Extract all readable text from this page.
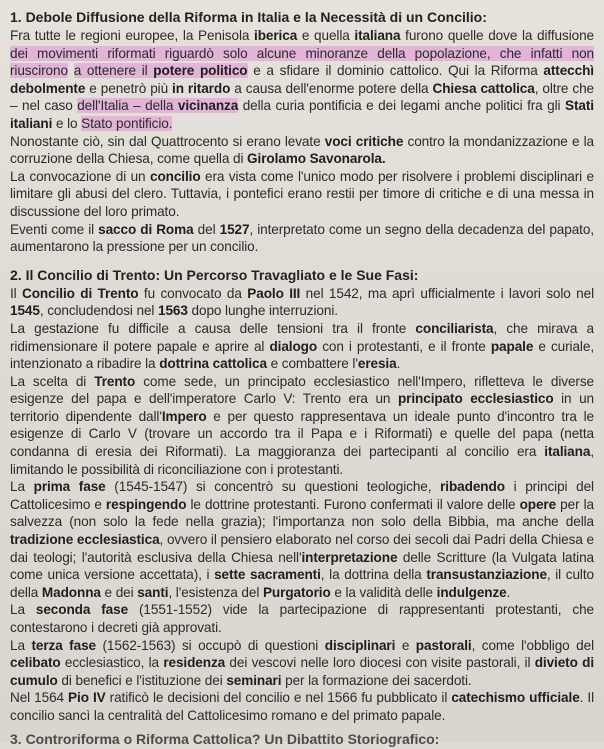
1. Debole Diffusione della Riforma in Italia e la Necessità di un Concilio:

Fra tutte le regioni europee, la Penisola iberica e quella italiana furono quelle dove la diffusione dei movimenti riformati riguardò solo alcune minoranze della popolazione, che infatti non riuscirono a ottenere il potere politico e a sfidare il dominio cattolico. Qui la Riforma attecchì debolmente e penetrò più in ritardo a causa dell'enorme potere della Chiesa cattolica, oltre che – nel caso dell'Italia – della vicinanza della curia pontificia e dei legami anche politici fra gli Stati italiani e lo Stato pontificio.

Nonostante ciò, sin dal Quattrocento si erano levate voci critiche contro la mondanizzazione e la corruzione della Chiesa, come quella di Girolamo Savonarola.

La convocazione di un concilio era vista come l'unico modo per risolvere i problemi disciplinari e limitare gli abusi del clero. Tuttavia, i pontefici erano restii per timore di critiche e di una messa in discussione del loro primato.

Eventi come il sacco di Roma del 1527, interpretato come un segno della decadenza del papato, aumentarono la pressione per un concilio.

2. Il Concilio di Trento: Un Percorso Travagliato e le Sue Fasi:

Il Concilio di Trento fu convocato da Paolo III nel 1542, ma aprì ufficialmente i lavori solo nel 1545, concludendosi nel 1563 dopo lunghe interruzioni.

La gestazione fu difficile a causa delle tensioni tra il fronte conciliarista, che mirava a ridimensionare il potere papale e aprire al dialogo con i protestanti, e il fronte papale e curiale, intenzionato a ribadire la dottrina cattolica e combattere l'eresia.

La scelta di Trento come sede, un principato ecclesiastico nell'Impero, rifletteva le diverse esigenze del papa e dell'imperatore Carlo V: Trento era un principato ecclesiastico in un territorio dipendente dall'Impero e per questo rappresentava un ideale punto d'incontro tra le esigenze di Carlo V (trovare un accordo tra il Papa e i Riformati) e quelle del papa (netta condanna di eresia dei Riformati). La maggioranza dei partecipanti al concilio era italiana, limitando le possibilità di riconciliazione con i protestanti.

La prima fase (1545-1547) si concentrò su questioni teologiche, ribadendo i principi del Cattolicesimo e respingendo le dottrine protestanti. Furono confermati il valore delle opere per la salvezza (non solo la fede nella grazia); l'importanza non solo della Bibbia, ma anche della tradizione ecclesiastica, ovvero il pensiero elaborato nel corso dei secoli dai Padri della Chiesa e dai teologi; l'autorità esclusiva della Chiesa nell'interpretazione delle Scritture (la Vulgata latina come unica versione accettata), i sette sacramenti, la dottrina della transustanziazione, il culto della Madonna e dei santi, l'esistenza del Purgatorio e la validità delle indulgenze.

La seconda fase (1551-1552) vide la partecipazione di rappresentanti protestanti, che contestarono i decreti già approvati.

La terza fase (1562-1563) si occupò di questioni disciplinari e pastorali, come l'obbligo del celibato ecclesiastico, la residenza dei vescovi nelle loro diocesi con visite pastorali, il divieto di cumulo di benefici e l'istituzione dei seminari per la formazione dei sacerdoti.

Nel 1564 Pio IV ratificò le decisioni del concilio e nel 1566 fu pubblicato il catechismo ufficiale. Il concilio sancì la centralità del Cattolicesimo romano e del primato papale.

3. Controriforma o Riforma Cattolica? Un Dibattito Storiografico:
